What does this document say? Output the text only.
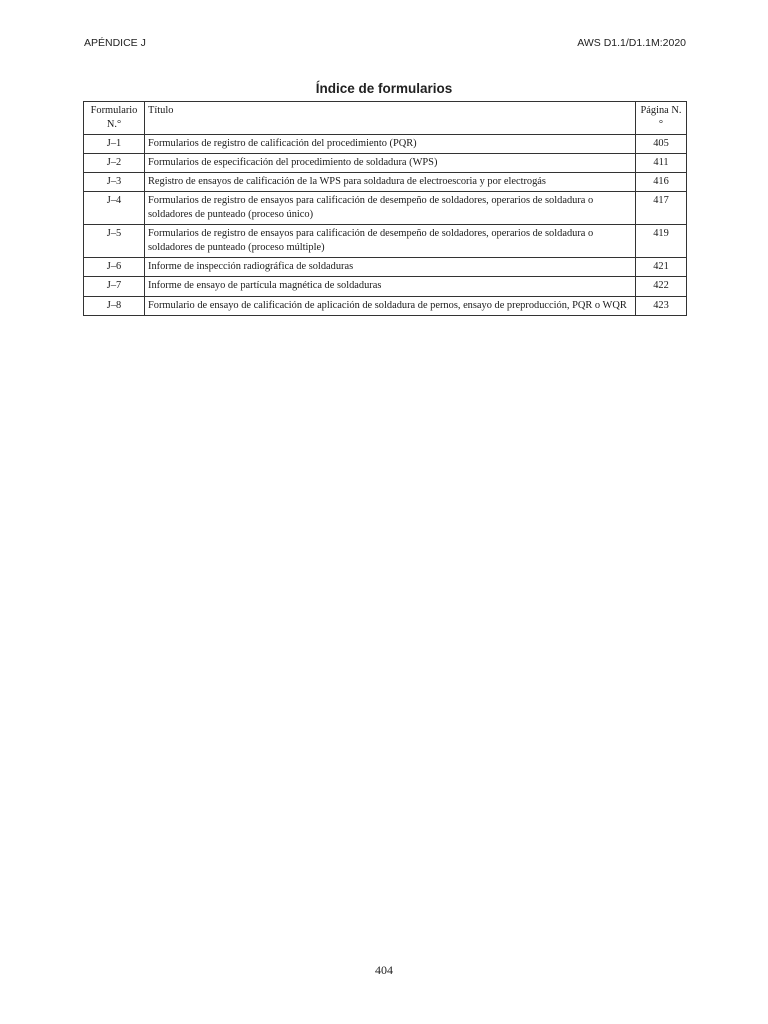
APÉNDICE J	AWS D1.1/D1.1M:2020
Índice de formularios
Formulario N.°	Título	Página N.°
J–1	Formularios de registro de calificación del procedimiento (PQR)	405
J–2	Formularios de especificación del procedimiento de soldadura (WPS)	411
J–3	Registro de ensayos de calificación de la WPS para soldadura de electroescoria y por electrogás	416
J–4	Formularios de registro de ensayos para calificación de desempeño de soldadores, operarios de soldadura o soldadores de punteado (proceso único)	417
J–5	Formularios de registro de ensayos para calificación de desempeño de soldadores, operarios de soldadura o soldadores de punteado (proceso múltiple)	419
J–6	Informe de inspección radiográfica de soldaduras	421
J–7	Informe de ensayo de partícula magnética de soldaduras	422
J–8	Formulario de ensayo de calificación de aplicación de soldadura de pernos, ensayo de preproducción, PQR o WQR	423
404
